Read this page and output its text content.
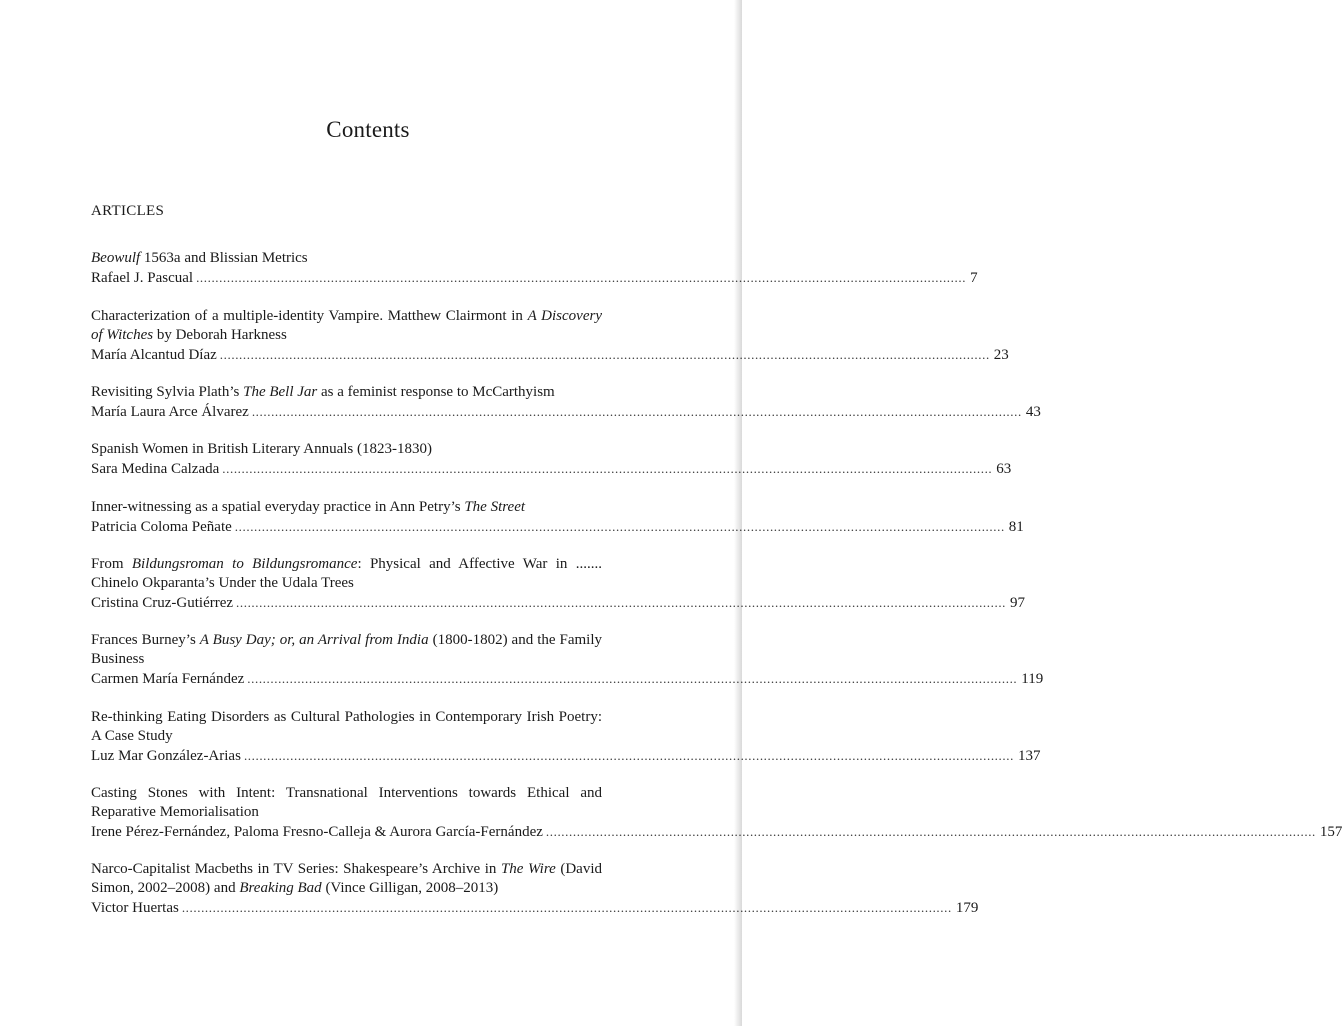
Contents
ARTICLES
Beowulf 1563a and Blissian Metrics
Rafael J. Pascual ........................................................................................................................................................................................................ 7
Characterization of a multiple-identity Vampire. Matthew Clairmont in A Discovery of Witches by Deborah Harkness
María Alcantud Díaz ........................................................................................................................................................................................................ 23
Revisiting Sylvia Plath’s The Bell Jar as a feminist response to McCarthyism
María Laura Arce Álvarez ........................................................................................................................................................................................................ 43
Spanish Women in British Literary Annuals (1823-1830)
Sara Medina Calzada ........................................................................................................................................................................................................ 63
Inner-witnessing as a spatial everyday practice in Ann Petry’s The Street
Patricia Coloma Peñate ........................................................................................................................................................................................................ 81
From Bildungsroman to Bildungsromance: Physical and Affective War in ....... Chinelo Okparanta’s Under the Udala Trees
Cristina Cruz-Gutiérrez ........................................................................................................................................................................................................ 97
Frances Burney’s A Busy Day; or, an Arrival from India (1800-1802) and the Family Business
Carmen María Fernández ........................................................................................................................................................................................................ 119
Re-thinking Eating Disorders as Cultural Pathologies in Contemporary Irish Poetry: A Case Study
Luz Mar González-Arias ........................................................................................................................................................................................................ 137
Casting Stones with Intent: Transnational Interventions towards Ethical and Reparative Memorialisation
Irene Pérez-Fernández, Paloma Fresno-Calleja & Aurora García-Fernández ........................................................................................................................................................................................................ 157
Narco-Capitalist Macbeths in TV Series: Shakespeare’s Archive in The Wire (David Simon, 2002–2008) and Breaking Bad (Vince Gilligan, 2008–2013)
Victor Huertas ........................................................................................................................................................................................................ 179
